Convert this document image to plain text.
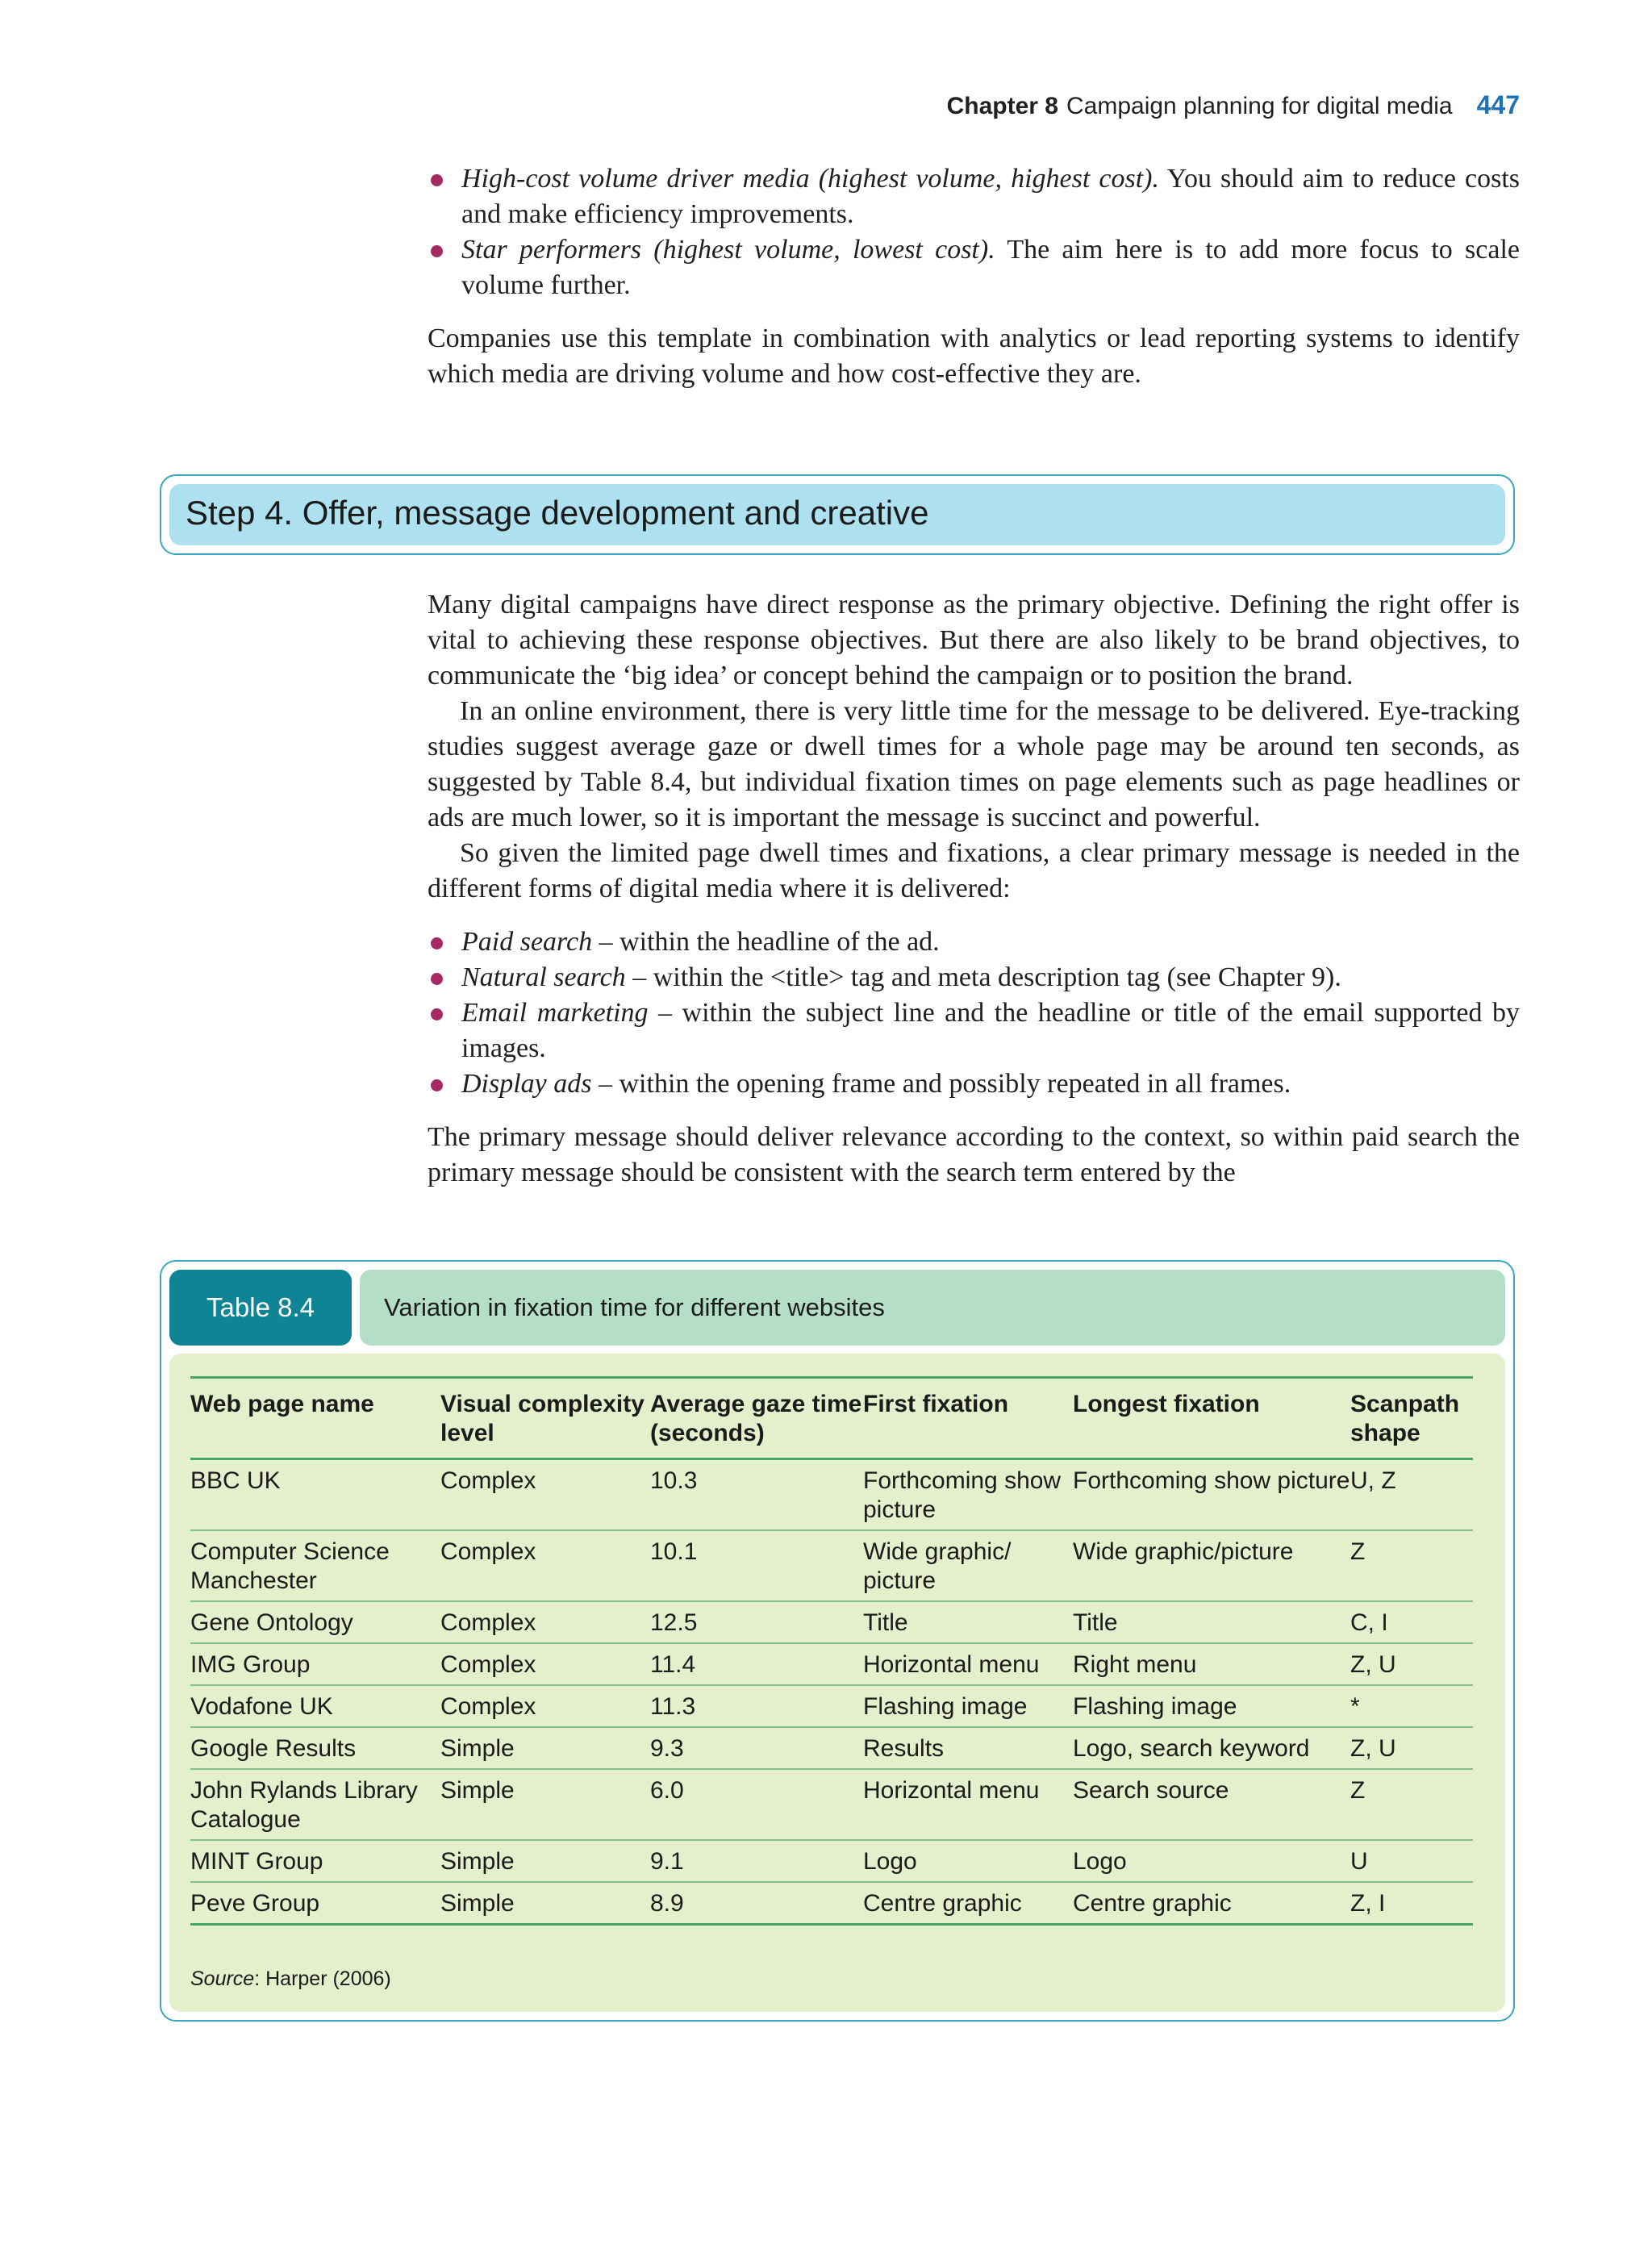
Chapter 8 Campaign planning for digital media 447
High-cost volume driver media (highest volume, highest cost). You should aim to reduce costs and make efficiency improvements.
Star performers (highest volume, lowest cost). The aim here is to add more focus to scale volume further.

Companies use this template in combination with analytics or lead reporting systems to identify which media are driving volume and how cost-effective they are.

Step 4. Offer, message development and creative

Many digital campaigns have direct response as the primary objective. Defining the right offer is vital to achieving these response objectives. But there are also likely to be brand objectives, to communicate the ‘big idea’ or concept behind the campaign or to position the brand.

In an online environment, there is very little time for the message to be delivered. Eye-tracking studies suggest average gaze or dwell times for a whole page may be around ten seconds, as suggested by Table 8.4, but individual fixation times on page elements such as page headlines or ads are much lower, so it is important the message is succinct and powerful.

So given the limited page dwell times and fixations, a clear primary message is needed in the different forms of digital media where it is delivered:

Paid search – within the headline of the ad.
Natural search – within the <title> tag and meta description tag (see Chapter 9).
Email marketing – within the subject line and the headline or title of the email supported by images.
Display ads – within the opening frame and possibly repeated in all frames.

The primary message should deliver relevance according to the context, so within paid search the primary message should be consistent with the search term entered by the

Table 8.4	Variation in fixation time for different websites
Web page name	Visual complexity level	Average gaze time (seconds)	First fixation	Longest fixation	Scanpath shape
BBC UK	Complex	10.3	Forthcoming show picture	Forthcoming show picture	U, Z
Computer Science Manchester	Complex	10.1	Wide graphic/ picture	Wide graphic/picture	Z
Gene Ontology	Complex	12.5	Title	Title	C, I
IMG Group	Complex	11.4	Horizontal menu	Right menu	Z, U
Vodafone UK	Complex	11.3	Flashing image	Flashing image	*
Google Results	Simple	9.3	Results	Logo, search keyword	Z, U
John Rylands Library Catalogue	Simple	6.0	Horizontal menu	Search source	Z
MINT Group	Simple	9.1	Logo	Logo	U
Peve Group	Simple	8.9	Centre graphic	Centre graphic	Z, I
Source: Harper (2006)
